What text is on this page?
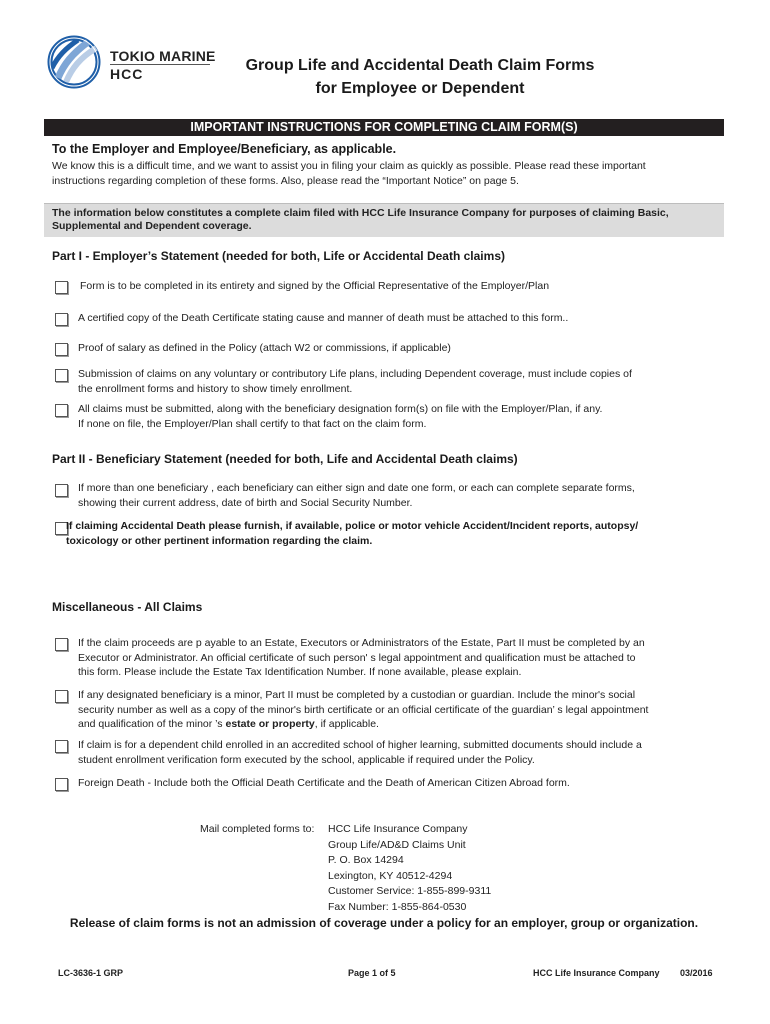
TOKIO MARINE
HCC	Group Life and Accidental Death Claim Forms
for Employee or Dependent
IMPORTANT INSTRUCTIONS FOR COMPLETING CLAIM FORM(S)
To the Employer and Employee/Beneficiary, as applicable.
We know this is a difficult time, and we want to assist you in filing your claim as quickly as possible. Please read these important
instructions regarding completion of these forms. Also, please read the “Important Notice” on page 5.
The information below constitutes a complete claim filed with HCC Life Insurance Company for purposes of claiming Basic,
Supplemental and Dependent coverage.
Part I - Employer’s Statement (needed for both, Life or Accidental Death claims)
Form is to be completed in its entirety and signed by the Official Representative of the Employer/Plan
A certified copy of the Death Certificate stating cause and manner of death must be attached to this form..
Proof of salary as defined in the Policy (attach W2 or commissions, if applicable)
Submission of claims on any voluntary or contributory Life plans, including Dependent coverage, must include copies of
the enrollment forms and history to show timely enrollment.
All claims must be submitted, along with the beneficiary designation form(s) on file with the Employer/Plan, if any.
If none on file, the Employer/Plan shall certify to that fact on the claim form.
Part II - Beneficiary Statement (needed for both, Life and Accidental Death claims)
If more than one beneficiary , each beneficiary can either sign and date one form, or each can complete separate forms,
showing their current address, date of birth and Social Security Number.
If claiming Accidental Death please furnish, if available, police or motor vehicle Accident/Incident reports, autopsy/
toxicology or other pertinent information regarding the claim.
Miscellaneous - All Claims
If the claim proceeds are p ayable to an Estate, Executors or Administrators of the Estate, Part II must be completed by an
Executor or Administrator. An official certificate of such person' s legal appointment and qualification must be attached to
this form. Please include the Estate Tax Identification Number. If none available, please explain.
If any designated beneficiary is a minor, Part II must be completed by a custodian or guardian. Include the minor's social
security number as well as a copy of the minor's birth certificate or an official certificate of the guardian’ s legal appointment
and qualification of the minor ’s estate or property, if applicable.
If claim is for a dependent child enrolled in an accredited school of higher learning, submitted documents should include a
student enrollment verification form executed by the school, applicable if required under the Policy.
Foreign Death - Include both the Official Death Certificate and the Death of American Citizen Abroad form.
Mail completed forms to: HCC Life Insurance Company
Group Life/AD&D Claims Unit
P. O. Box 14294
Lexington, KY 40512-4294
Customer Service: 1-855-899-9311
Fax Number: 1-855-864-0530
Release of claim forms is not an admission of coverage under a policy for an employer, group or organization.
LC-3636-1 GRP	Page 1 of 5	HCC Life Insurance Company 03/2016
